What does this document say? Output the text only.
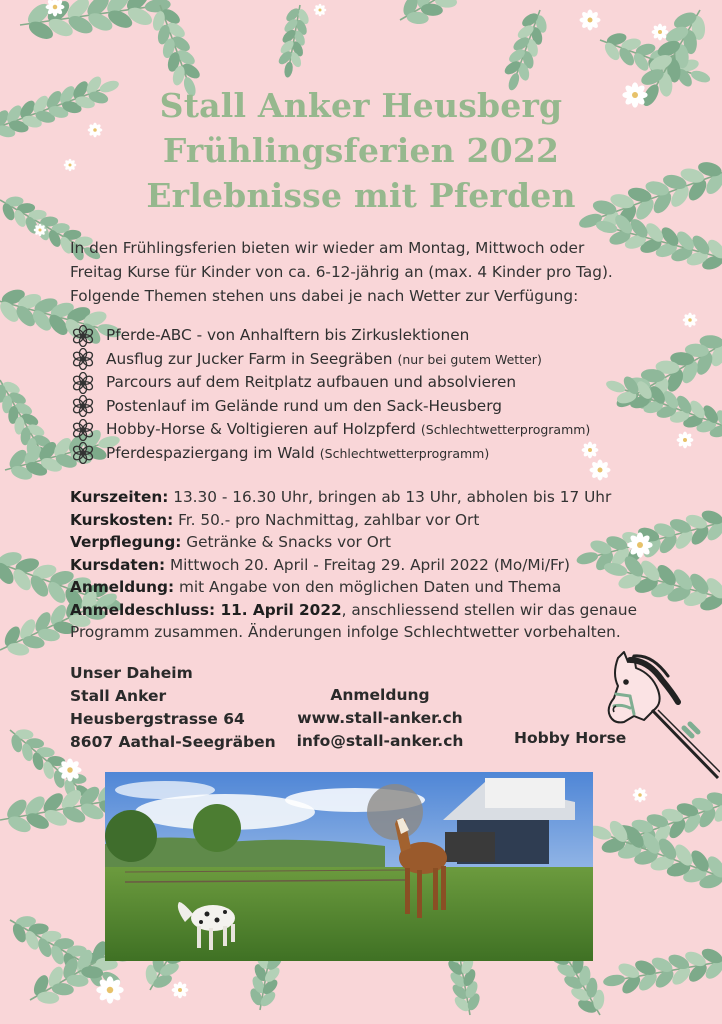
Stall Anker Heusberg
Frühlingsferien 2022
Erlebnisse mit Pferden
In den Frühlingsferien bieten wir wieder am Montag, Mittwoch oder
Freitag Kurse für Kinder von ca. 6-12-jährig an (max. 4 Kinder pro Tag).
Folgende Themen stehen uns dabei je nach Wetter zur Verfügung:
Pferde-ABC - von Anhalftern bis Zirkuslektionen
Ausflug zur Jucker Farm in Seegräben (nur bei gutem Wetter)
Parcours auf dem Reitplatz aufbauen und absolvieren
Postenlauf im Gelände rund um den Sack-Heusberg
Hobby-Horse & Voltigieren auf Holzpferd (Schlechtwetterprogramm)
Pferdespaziergang im Wald (Schlechtwetterprogramm)
Kurszeiten: 13.30 - 16.30 Uhr, bringen ab 13 Uhr, abholen bis 17 Uhr
Kurskosten: Fr. 50.- pro Nachmittag, zahlbar vor Ort
Verpflegung: Getränke & Snacks vor Ort
Kursdaten: Mittwoch 20. April - Freitag 29. April 2022 (Mo/Mi/Fr)
Anmeldung: mit Angabe von den möglichen Daten und Thema
Anmeldeschluss: 11. April 2022, anschliessend stellen wir das genaue
Programm zusammen. Änderungen infolge Schlechtwetter vorbehalten.
Unser Daheim
Stall Anker
Heusbergstrasse 64
8607 Aathal-Seegräben
Anmeldung
www.stall-anker.ch
info@stall-anker.ch	Hobby Horse
